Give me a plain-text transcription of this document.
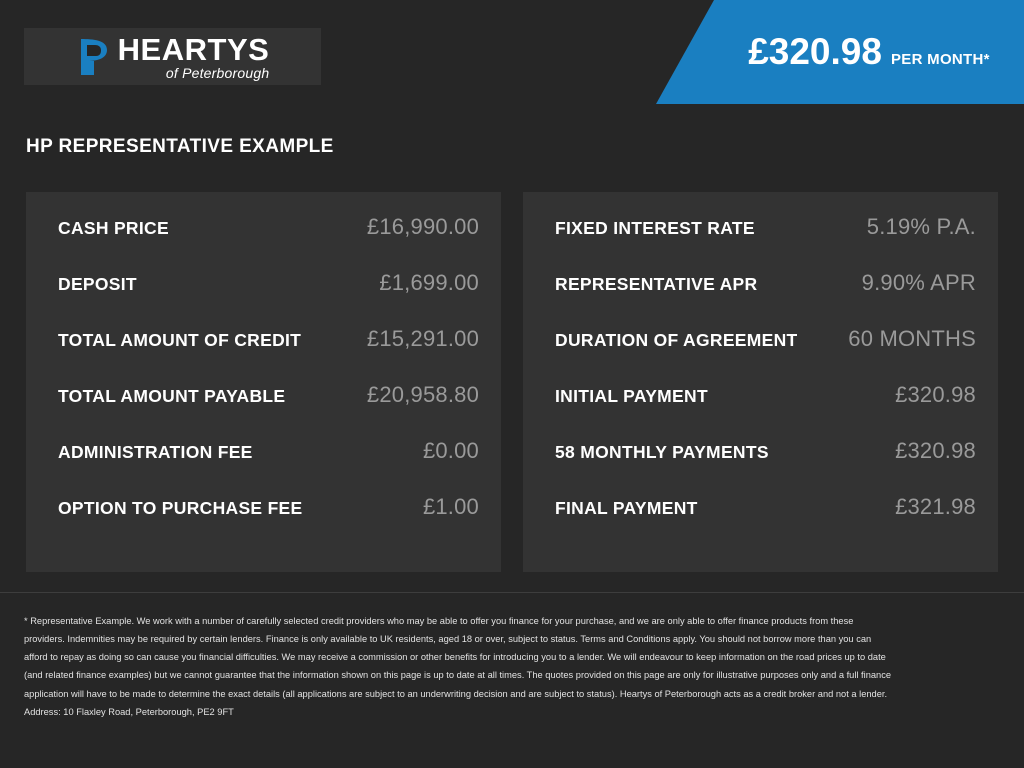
HEARTYS
of Peterborough
£320.98 PER MONTH*
HP REPRESENTATIVE EXAMPLE
CASH PRICE	£16,990.00
DEPOSIT	£1,699.00
TOTAL AMOUNT OF CREDIT	£15,291.00
TOTAL AMOUNT PAYABLE	£20,958.80
ADMINISTRATION FEE	£0.00
OPTION TO PURCHASE FEE	£1.00
FIXED INTEREST RATE	5.19% P.A.
REPRESENTATIVE APR	9.90% APR
DURATION OF AGREEMENT 60 MONTHS
INITIAL PAYMENT	£320.98
58 MONTHLY PAYMENTS	£320.98
FINAL PAYMENT	£321.98
* Representative Example. We work with a number of carefully selected credit providers who may be able to offer you finance for your purchase, and we are only able to offer finance products from these providers. Indemnities may be required by certain lenders. Finance is only available to UK residents, aged 18 or over, subject to status. Terms and Conditions apply. You should not borrow more than you can afford to repay as doing so can cause you financial difficulties. We may receive a commission or other benefits for introducing you to a lender. We will endeavour to keep information on the road prices up to date (and related finance examples) but we cannot guarantee that the information shown on this page is up to date at all times. The quotes provided on this page are only for illustrative purposes only and a full finance application will have to be made to determine the exact details (all applications are subject to an underwriting decision and are subject to status). Heartys of Peterborough acts as a credit broker and not a lender. Address: 10 Flaxley Road, Peterborough, PE2 9FT
